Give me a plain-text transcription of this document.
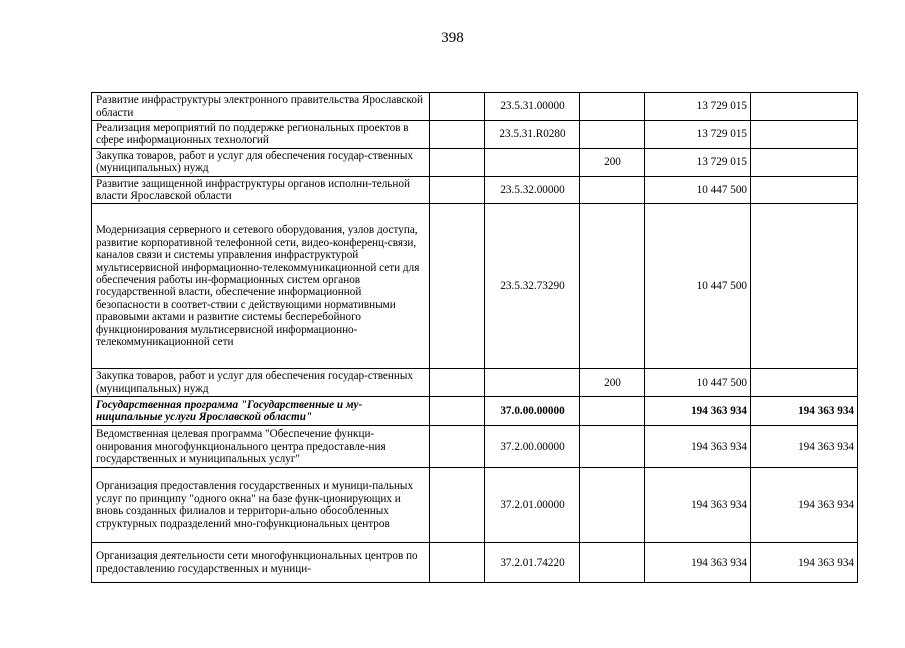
398
Развитие инфраструктуры электронного правительства Ярославской области		23.5.31.00000		13 729 015	
Реализация мероприятий по поддержке региональных проектов в сфере информационных технологий		23.5.31.R0280		13 729 015	
Закупка товаров, работ и услуг для обеспечения государ-ственных (муниципальных) нужд			200	13 729 015	
Развитие защищенной инфраструктуры органов исполни-тельной власти Ярославской области		23.5.32.00000		10 447 500	
Модернизация серверного и сетевого оборудования, узлов доступа, развитие корпоративной телефонной сети, видео-конференц-связи, каналов связи и системы управления инфраструктурой мультисервисной информационно-телекоммуникационной сети для обеспечения работы ин-формационных систем органов государственной власти, обеспечение информационной безопасности в соответ-ствии с действующими нормативными правовыми актами и развитие системы бесперебойного функционирования мультисервисной информационно-телекоммуникационной сети		23.5.32.73290		10 447 500	
Закупка товаров, работ и услуг для обеспечения государ-ственных (муниципальных) нужд			200	10 447 500	
Государственная программа "Государственные и му-ниципальные услуги Ярославской области"		37.0.00.00000		194 363 934	194 363 934
Ведомственная целевая программа "Обеспечение функци-онирования многофункционального центра предоставле-ния государственных и муниципальных услуг"		37.2.00.00000		194 363 934	194 363 934
Организация предоставления государственных и муници-пальных услуг по принципу "одного окна" на базе функ-ционирующих и вновь созданных филиалов и территори-ально обособленных структурных подразделений мно-гофункциональных центров		37.2.01.00000		194 363 934	194 363 934
Организация деятельности сети многофункциональных центров по предоставлению государственных и муници-		37.2.01.74220		194 363 934	194 363 934
